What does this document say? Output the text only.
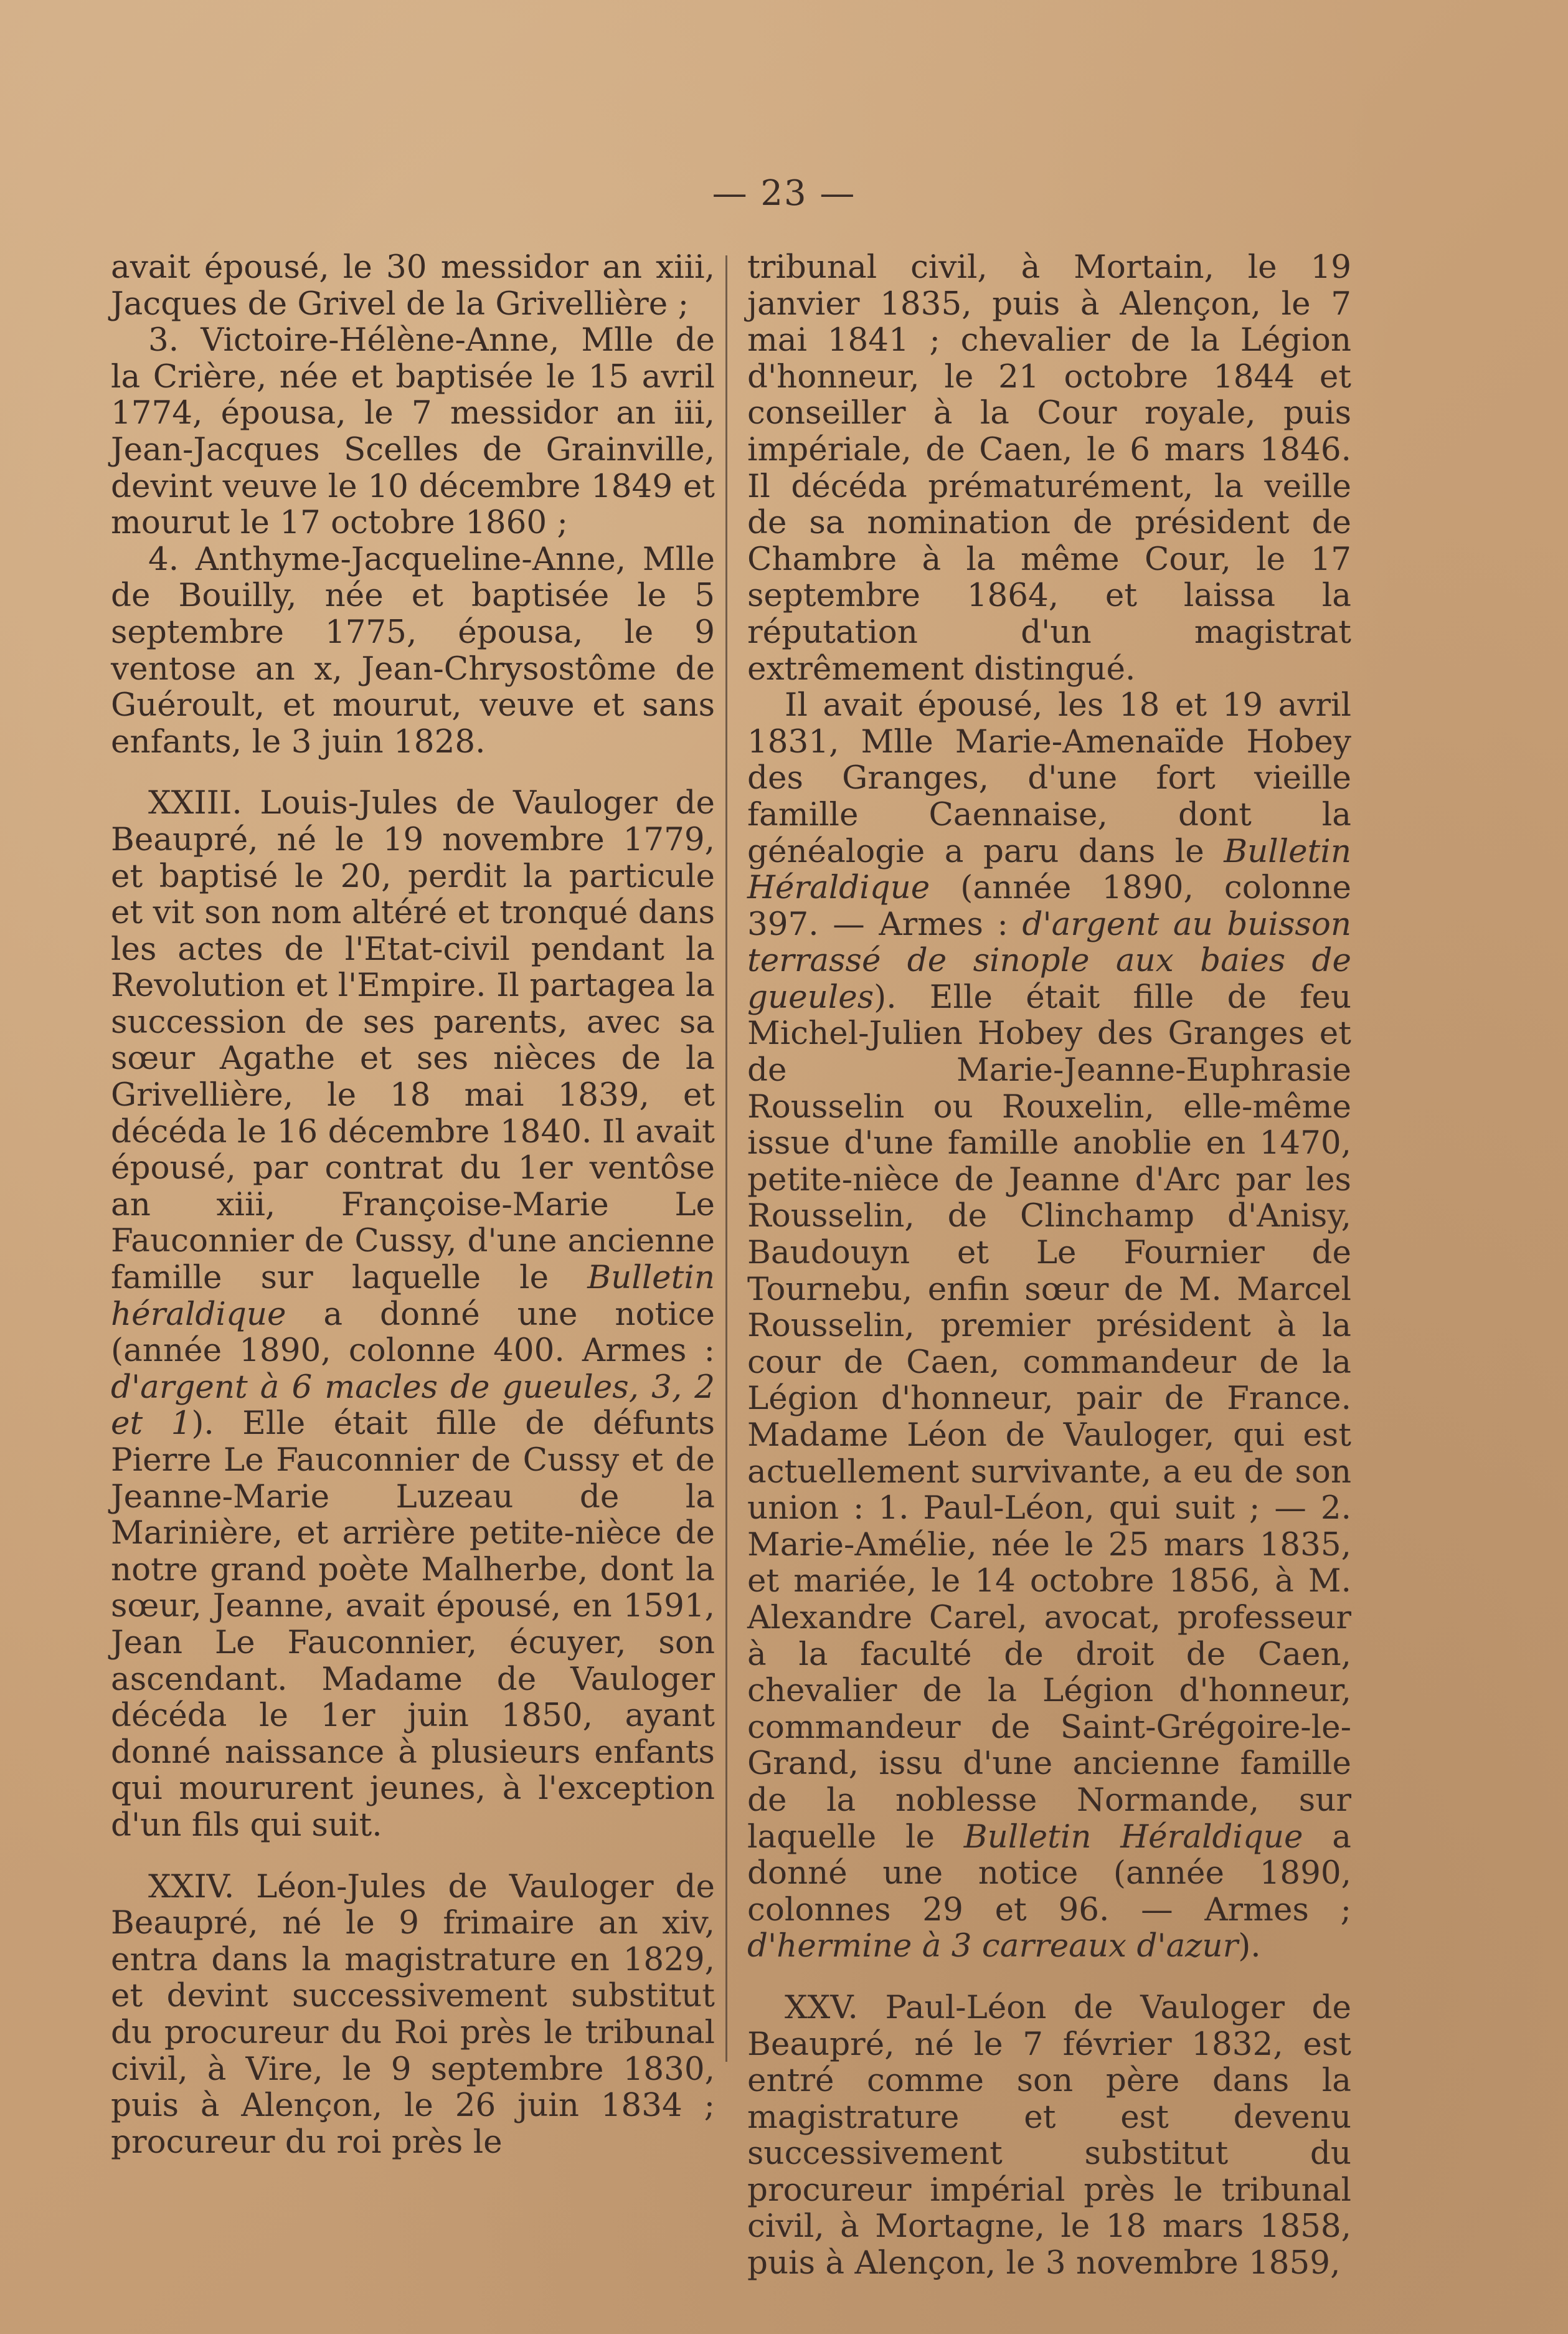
— 23 —

avait épousé, le 30 messidor an xiii, Jacques de Grivel de la Grivellière ;

3. Victoire-Hélène-Anne, Mlle de la Crière, née et baptisée le 15 avril 1774, épousa, le 7 messidor an iii, Jean-Jacques Scelles de Grainville, devint veuve le 10 décembre 1849 et mourut le 17 octobre 1860 ;

4. Anthyme-Jacqueline-Anne, Mlle de Bouilly, née et baptisée le 5 septembre 1775, épousa, le 9 ventose an x, Jean-Chrysostôme de Guéroult, et mourut, veuve et sans enfants, le 3 juin 1828.

XXIII. Louis-Jules de Vauloger de Beaupré, né le 19 novembre 1779, et baptisé le 20, perdit la particule et vit son nom altéré et tronqué dans les actes de l'Etat-civil pendant la Revolution et l'Empire. Il partagea la succession de ses parents, avec sa sœur Agathe et ses nièces de la Grivellière, le 18 mai 1839, et décéda le 16 décembre 1840. Il avait épousé, par contrat du 1er ventôse an xiii, Françoise-Marie Le Fauconnier de Cussy, d'une ancienne famille sur laquelle le Bulletin héraldique a donné une notice (année 1890, colonne 400. Armes : d'argent à 6 macles de gueules, 3, 2 et 1). Elle était fille de défunts Pierre Le Fauconnier de Cussy et de Jeanne-Marie Luzeau de la Marinière, et arrière petite-nièce de notre grand poète Malherbe, dont la sœur, Jeanne, avait épousé, en 1591, Jean Le Fauconnier, écuyer, son ascendant. Madame de Vauloger décéda le 1er juin 1850, ayant donné naissance à plusieurs enfants qui moururent jeunes, à l'exception d'un fils qui suit.

XXIV. Léon-Jules de Vauloger de Beaupré, né le 9 frimaire an xiv, entra dans la magistrature en 1829, et devint successivement substitut du procureur du Roi près le tribunal civil, à Vire, le 9 septembre 1830, puis à Alençon, le 26 juin 1834 ; procureur du roi près le

tribunal civil, à Mortain, le 19 janvier 1835, puis à Alençon, le 7 mai 1841 ; chevalier de la Légion d'honneur, le 21 octobre 1844 et conseiller à la Cour royale, puis impériale, de Caen, le 6 mars 1846. Il décéda prématurément, la veille de sa nomination de président de Chambre à la même Cour, le 17 septembre 1864, et laissa la réputation d'un magistrat extrêmement distingué.

Il avait épousé, les 18 et 19 avril 1831, Mlle Marie-Amenaïde Hobey des Granges, d'une fort vieille famille Caennaise, dont la généalogie a paru dans le Bulletin Héraldique (année 1890, colonne 397. — Armes : d'argent au buisson terrassé de sinople aux baies de gueules). Elle était fille de feu Michel-Julien Hobey des Granges et de Marie-Jeanne-Euphrasie Rousselin ou Rouxelin, elle-même issue d'une famille anoblie en 1470, petite-nièce de Jeanne d'Arc par les Rousselin, de Clinchamp d'Anisy, Baudouyn et Le Fournier de Tournebu, enfin sœur de M. Marcel Rousselin, premier président à la cour de Caen, commandeur de la Légion d'honneur, pair de France. Madame Léon de Vauloger, qui est actuellement survivante, a eu de son union : 1. Paul-Léon, qui suit ; — 2. Marie-Amélie, née le 25 mars 1835, et mariée, le 14 octobre 1856, à M. Alexandre Carel, avocat, professeur à la faculté de droit de Caen, chevalier de la Légion d'honneur, commandeur de Saint-Grégoire-le-Grand, issu d'une ancienne famille de la noblesse Normande, sur laquelle le Bulletin Héraldique a donné une notice (année 1890, colonnes 29 et 96. — Armes ; d'hermine à 3 carreaux d'azur).

XXV. Paul-Léon de Vauloger de Beaupré, né le 7 février 1832, est entré comme son père dans la magistrature et est devenu successivement substitut du procureur impérial près le tribunal civil, à Mortagne, le 18 mars 1858, puis à Alençon, le 3 novembre 1859,
